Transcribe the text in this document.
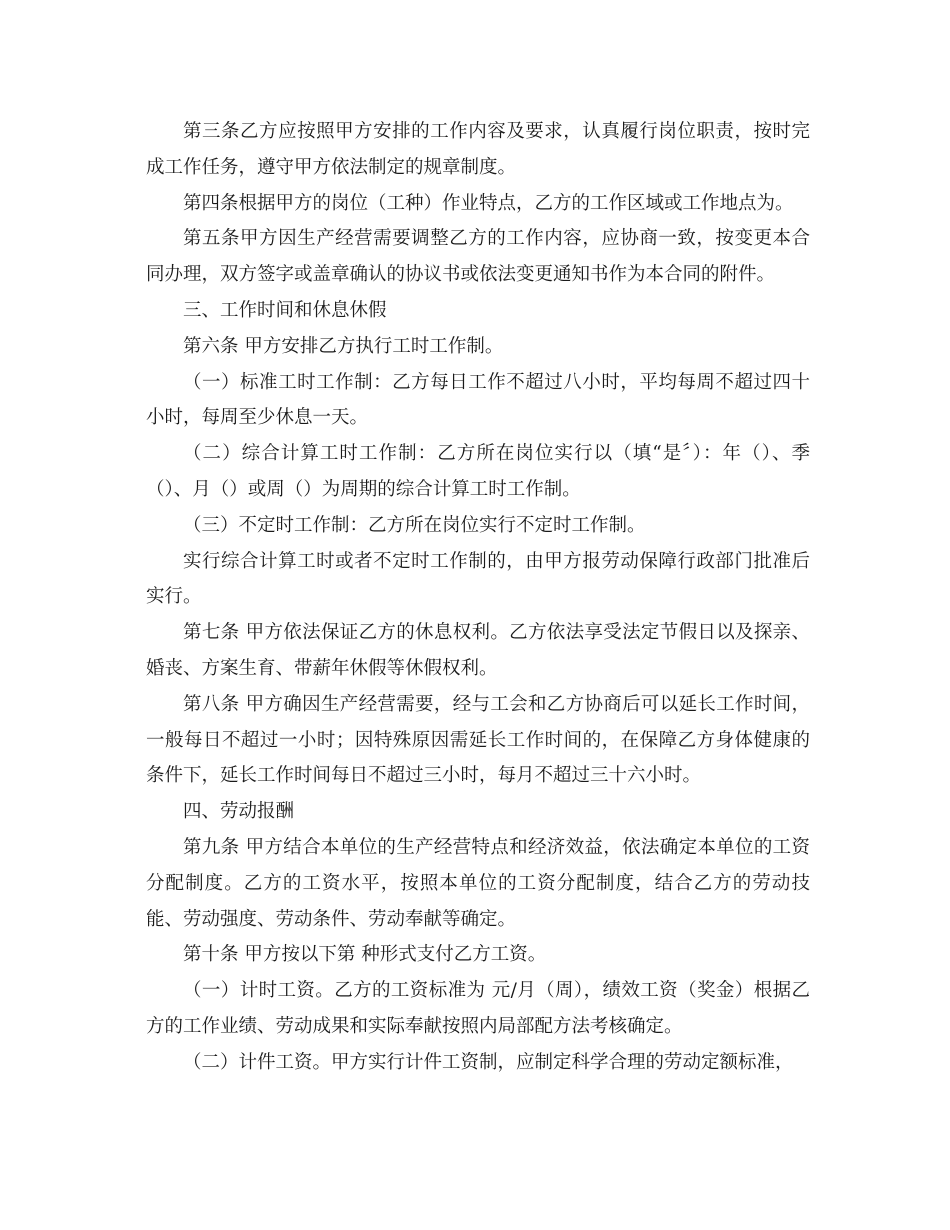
第三条乙方应按照甲方安排的工作内容及要求，认真履行岗位职责，按时完成工作任务，遵守甲方依法制定的规章制度。

第四条根据甲方的岗位（工种）作业特点，乙方的工作区域或工作地点为。

第五条甲方因生产经营需要调整乙方的工作内容，应协商一致，按变更本合同办理，双方签字或盖章确认的协议书或依法变更通知书作为本合同的附件。

三、工作时间和休息休假

第六条 甲方安排乙方执行工时工作制。

（一）标准工时工作制：乙方每日工作不超过八小时，平均每周不超过四十小时，每周至少休息一天。

（二）综合计算工时工作制：乙方所在岗位实行以（填“是〞）：年（）、季（）、月（）或周（）为周期的综合计算工时工作制。

（三）不定时工作制：乙方所在岗位实行不定时工作制。

实行综合计算工时或者不定时工作制的，由甲方报劳动保障行政部门批准后实行。

第七条 甲方依法保证乙方的休息权利。乙方依法享受法定节假日以及探亲、婚丧、方案生育、带薪年休假等休假权利。

第八条 甲方确因生产经营需要，经与工会和乙方协商后可以延长工作时间，一般每日不超过一小时；因特殊原因需延长工作时间的，在保障乙方身体健康的条件下，延长工作时间每日不超过三小时，每月不超过三十六小时。

四、劳动报酬

第九条 甲方结合本单位的生产经营特点和经济效益，依法确定本单位的工资分配制度。乙方的工资水平，按照本单位的工资分配制度，结合乙方的劳动技能、劳动强度、劳动条件、劳动奉献等确定。

第十条 甲方按以下第 种形式支付乙方工资。

（一）计时工资。乙方的工资标准为 元/月（周），绩效工资（奖金）根据乙方的工作业绩、劳动成果和实际奉献按照内局部配方法考核确定。

（二）计件工资。甲方实行计件工资制，应制定科学合理的劳动定额标准，
